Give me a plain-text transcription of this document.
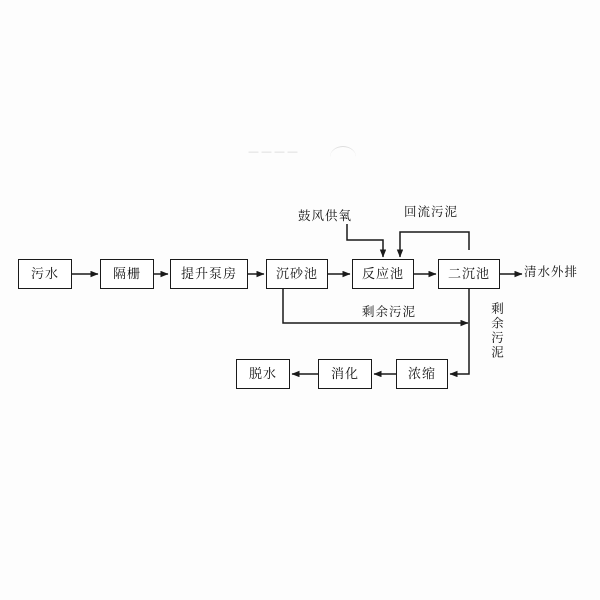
————
污水	隔栅	提升泵房	沉砂池	反应池	二沉池
浓缩
消化
脱水
鼓风供氧	回流污泥
清水外排
剩余污泥	剩余污泥
